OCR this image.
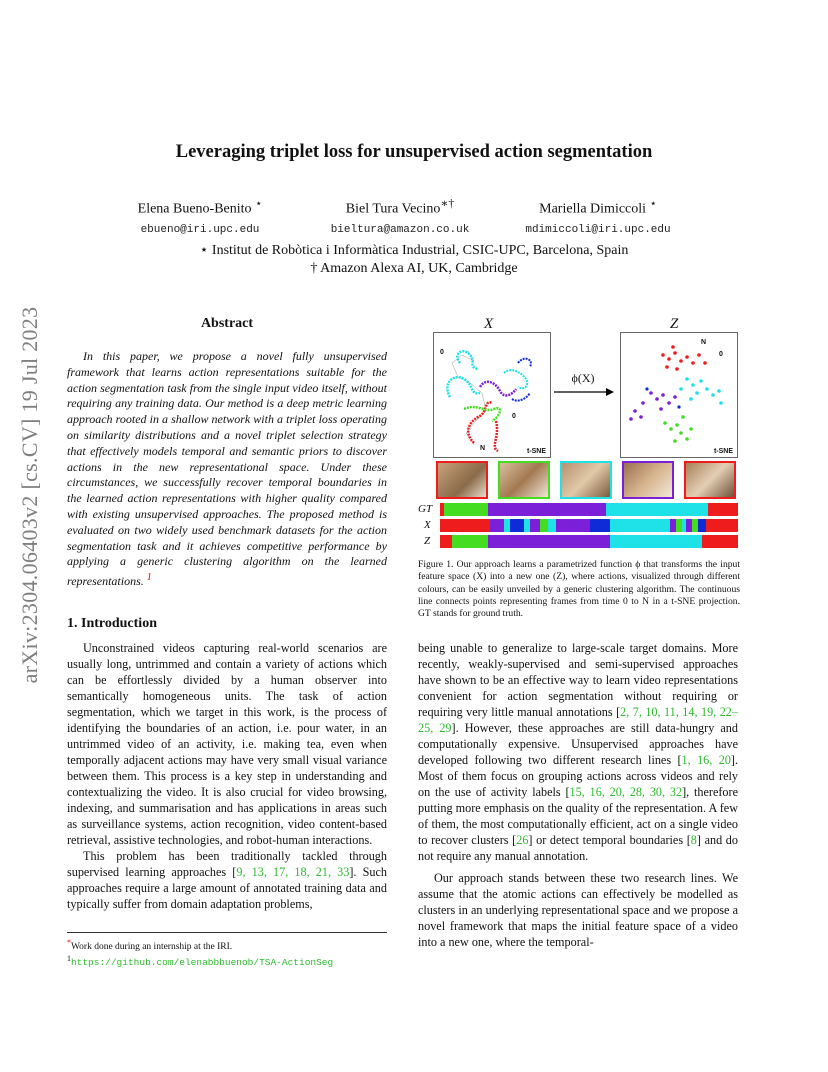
arXiv:2304.06403v2 [cs.CV] 19 Jul 2023
Leveraging triplet loss for unsupervised action segmentation
Elena Bueno-Benito ⋆
ebueno@iri.upc.edu
Biel Tura Vecino∗†
bieltura@amazon.co.uk
Mariella Dimiccoli ⋆
mdimiccoli@iri.upc.edu
⋆ Institut de Robòtica i Informàtica Industrial, CSIC-UPC, Barcelona, Spain
† Amazon Alexa AI, UK, Cambridge
Abstract
In this paper, we propose a novel fully unsupervised framework that learns action representations suitable for the action segmentation task from the single input video itself, without requiring any training data. Our method is a deep metric learning approach rooted in a shallow network with a triplet loss operating on similarity distributions and a novel triplet selection strategy that effectively models temporal and semantic priors to discover actions in the new representational space. Under these circumstances, we successfully recover temporal boundaries in the learned action representations with higher quality compared with existing unsupervised approaches. The proposed method is evaluated on two widely used benchmark datasets for the action segmentation task and it achieves competitive performance by applying a generic clustering algorithm on the learned representations. $^1$
1. Introduction

Unconstrained videos capturing real-world scenarios are usually long, untrimmed and contain a variety of actions which can be effortlessly divided by a human observer into semantically homogeneous units. The task of action segmentation, which we target in this work, is the process of identifying the boundaries of an action, i.e. pour water, in an untrimmed video of an activity, i.e. making tea, even when temporally adjacent actions may have very small visual variance between them. This process is a key step in understanding and contextualizing the video. It is also crucial for video browsing, indexing, and summarisation and has applications in areas such as surveillance systems, action recognition, video content-based retrieval, assistive technologies, and robot-human interactions.

This problem has been traditionally tackled through supervised learning approaches [9, 13, 17, 18, 21, 33]. Such approaches require a large amount of annotated training data and typically suffer from domain adaptation problems,

*Work done during an internship at the IRI.
$^1$https://github.com/elenabbbuenob/TSA-ActionSeg
X	Z
0
0
N	t-SNE
ϕ(X)
N
0
t-SNE
GT
X
Z
Figure 1. Our approach learns a parametrized function ϕ that transforms the input feature space (X) into a new one (Z), where actions, visualized through different colours, can be easily unveiled by a generic clustering algorithm. The continuous line connects points representing frames from time 0 to N in a t-SNE projection. GT stands for ground truth.

being unable to generalize to large-scale target domains. More recently, weakly-supervised and semi-supervised approaches have shown to be an effective way to learn video representations convenient for action segmentation without requiring or requiring very little manual annotations [2, 7, 10, 11, 14, 19, 22–25, 29]. However, these approaches are still data-hungry and computationally expensive. Unsupervised approaches have developed following two different research lines [1, 16, 20]. Most of them focus on grouping actions across videos and rely on the use of activity labels [15, 16, 20, 28, 30, 32], therefore putting more emphasis on the quality of the representation. A few of them, the most computationally efficient, act on a single video to recover clusters [26] or detect temporal boundaries [8] and do not require any manual annotation.

Our approach stands between these two research lines. We assume that the atomic actions can effectively be modelled as clusters in an underlying representational space and we propose a novel framework that maps the initial feature space of a video into a new one, where the temporal-
